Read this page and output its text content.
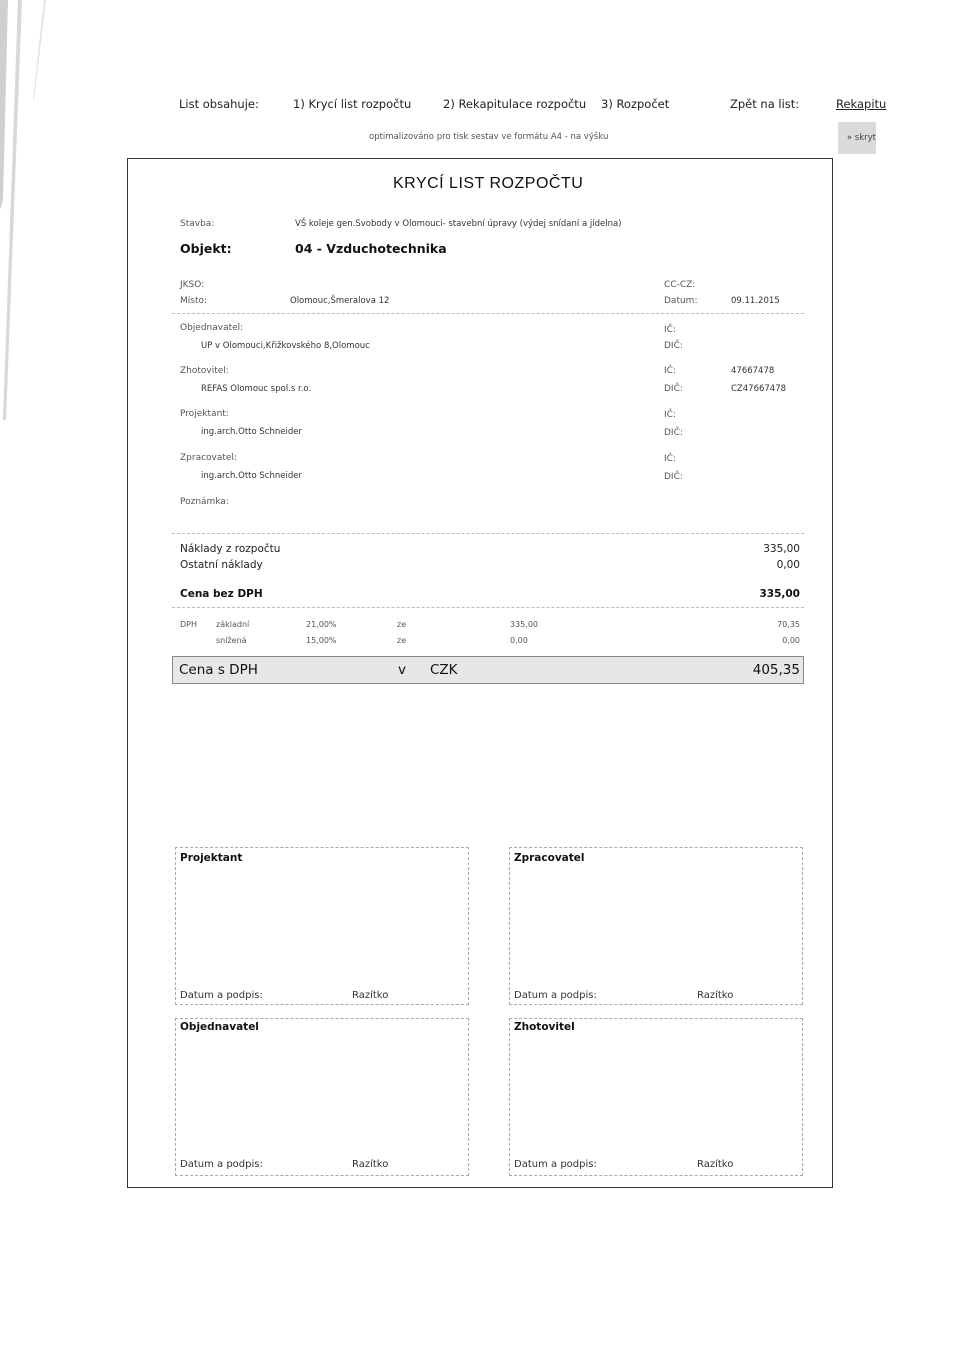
List obsahuje:	1) Krycí list rozpočtu	2) Rekapitulace rozpočtu 3) Rozpočet	Zpět na list:	Rekapitu
optimalizováno pro tisk sestav ve formátu A4 - na výšku	» skryt
KRYCÍ LIST ROZPOČTU
Stavba:	VŠ koleje gen.Svobody v Olomouci- stavební úpravy (výdej snídaní a jídelna)
Objekt:	04 - Vzduchotechnika
JKSO:	CC-CZ:
Místo:	Olomouc,Šmeralova 12	Datum:	09.11.2015
Objednavatel:
UP v Olomouci,Křižkovského 8,Olomouc
IČ:
DIČ:
Zhotovitel:
REFAS Olomouc spol.s r.o.
IČ:	47667478
DIČ:	CZ47667478
Projektant:
ing.arch.Otto Schneider
IČ:
DIČ:
Zpracovatel:
ing.arch.Otto Schneider
IČ:
DIČ:
Poznámka:
Náklady z rozpočtu	335,00
Ostatní náklady	0,00
Cena bez DPH	335,00
DPH základní	21,00%	ze	335,00	70,35
snížená	15,00%	ze	0,00	0,00
Cena s DPH	v CZK	405,35
Projektant
Datum a podpis:	Razítko
Zpracovatel
Datum a podpis:	Razítko
Objednavatel
Datum a podpis:	Razítko
Zhotovitel
Datum a podpis:	Razítko
